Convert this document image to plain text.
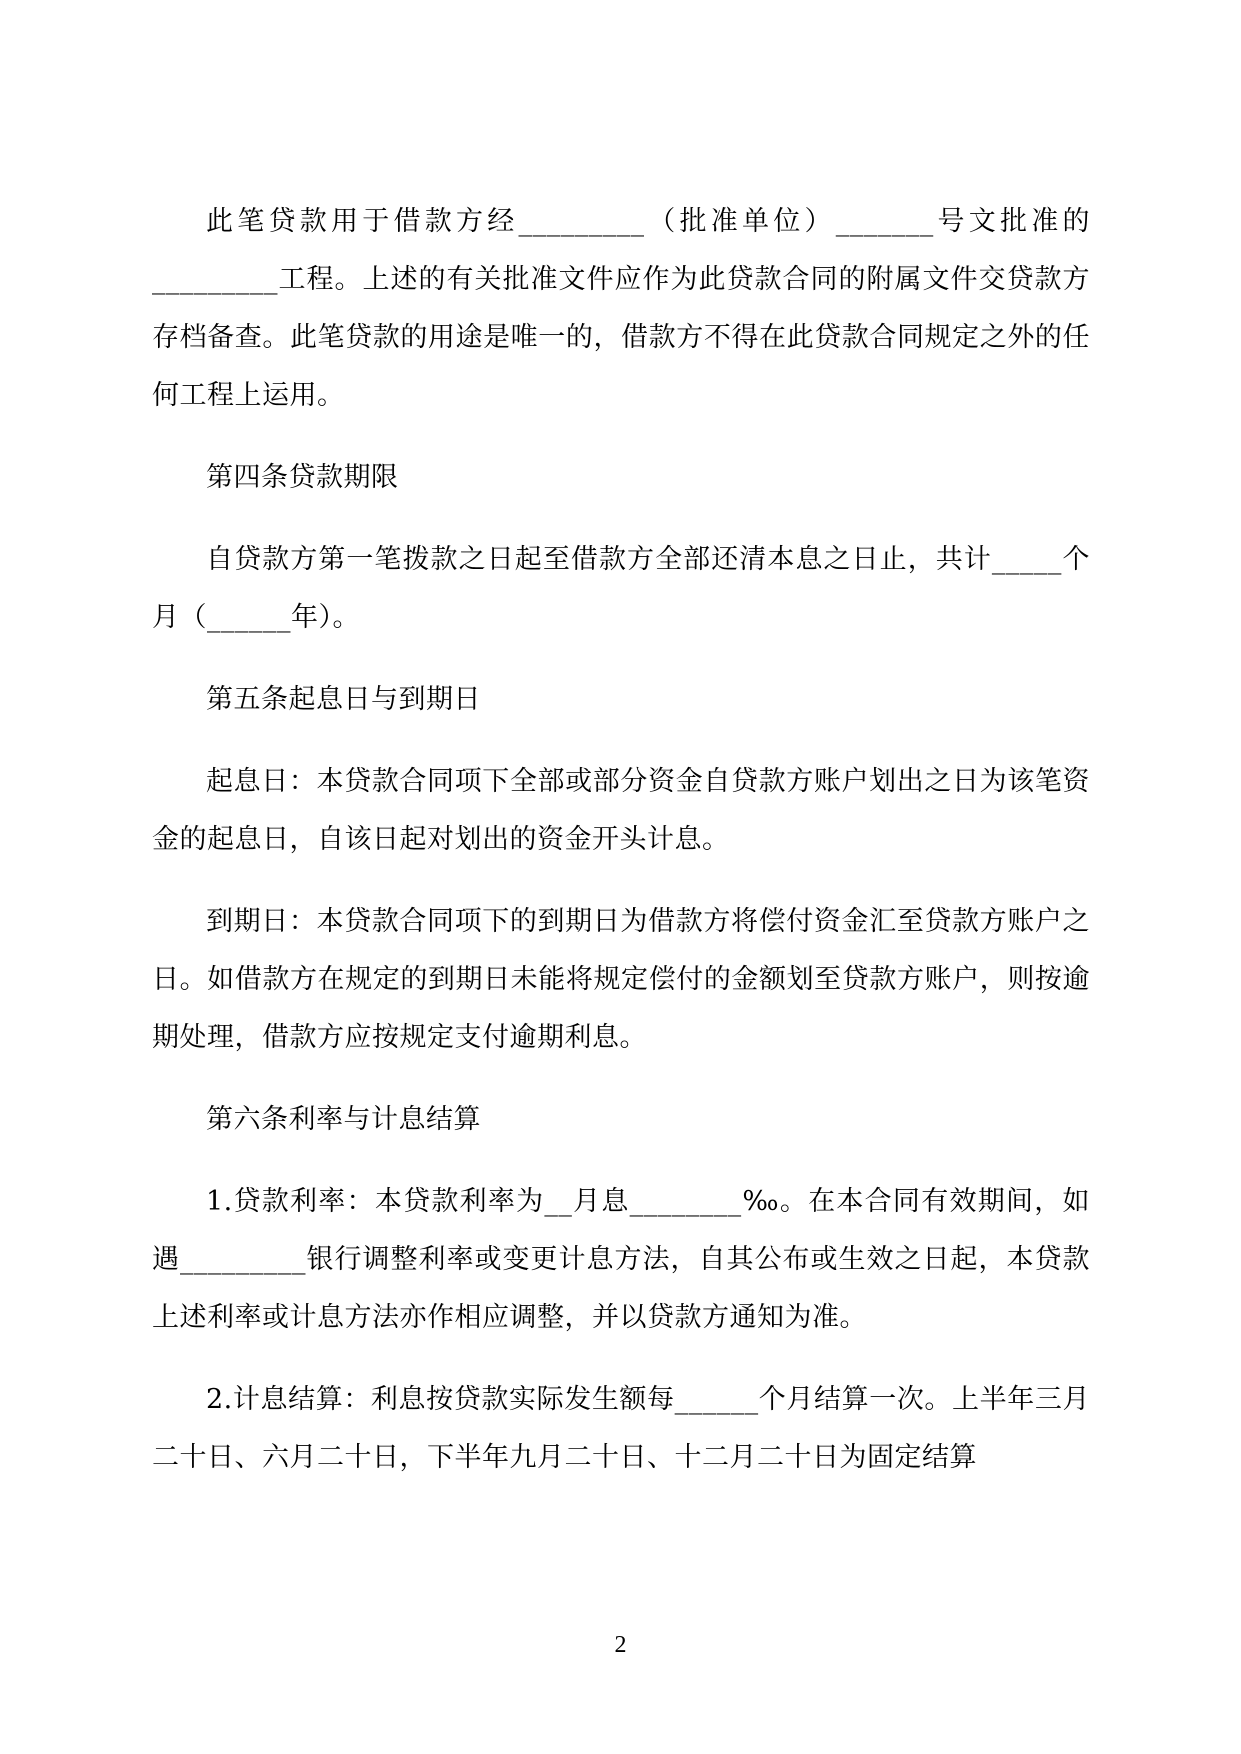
此笔贷款用于借款方经_________（批准单位）_______号文批准的_________工程。上述的有关批准文件应作为此贷款合同的附属文件交贷款方存档备查。此笔贷款的用途是唯一的，借款方不得在此贷款合同规定之外的任何工程上运用。

第四条贷款期限

自贷款方第一笔拨款之日起至借款方全部还清本息之日止，共计_____个月（______年）。

第五条起息日与到期日

起息日：本贷款合同项下全部或部分资金自贷款方账户划出之日为该笔资金的起息日，自该日起对划出的资金开头计息。

到期日：本贷款合同项下的到期日为借款方将偿付资金汇至贷款方账户之日。如借款方在规定的到期日未能将规定偿付的金额划至贷款方账户，则按逾期处理，借款方应按规定支付逾期利息。

第六条利率与计息结算

1.贷款利率：本贷款利率为__月息________‰。在本合同有效期间，如遇_________银行调整利率或变更计息方法，自其公布或生效之日起，本贷款上述利率或计息方法亦作相应调整，并以贷款方通知为准。

2.计息结算：利息按贷款实际发生额每______个月结算一次。上半年三月二十日、六月二十日，下半年九月二十日、十二月二十日为固定结算

2
